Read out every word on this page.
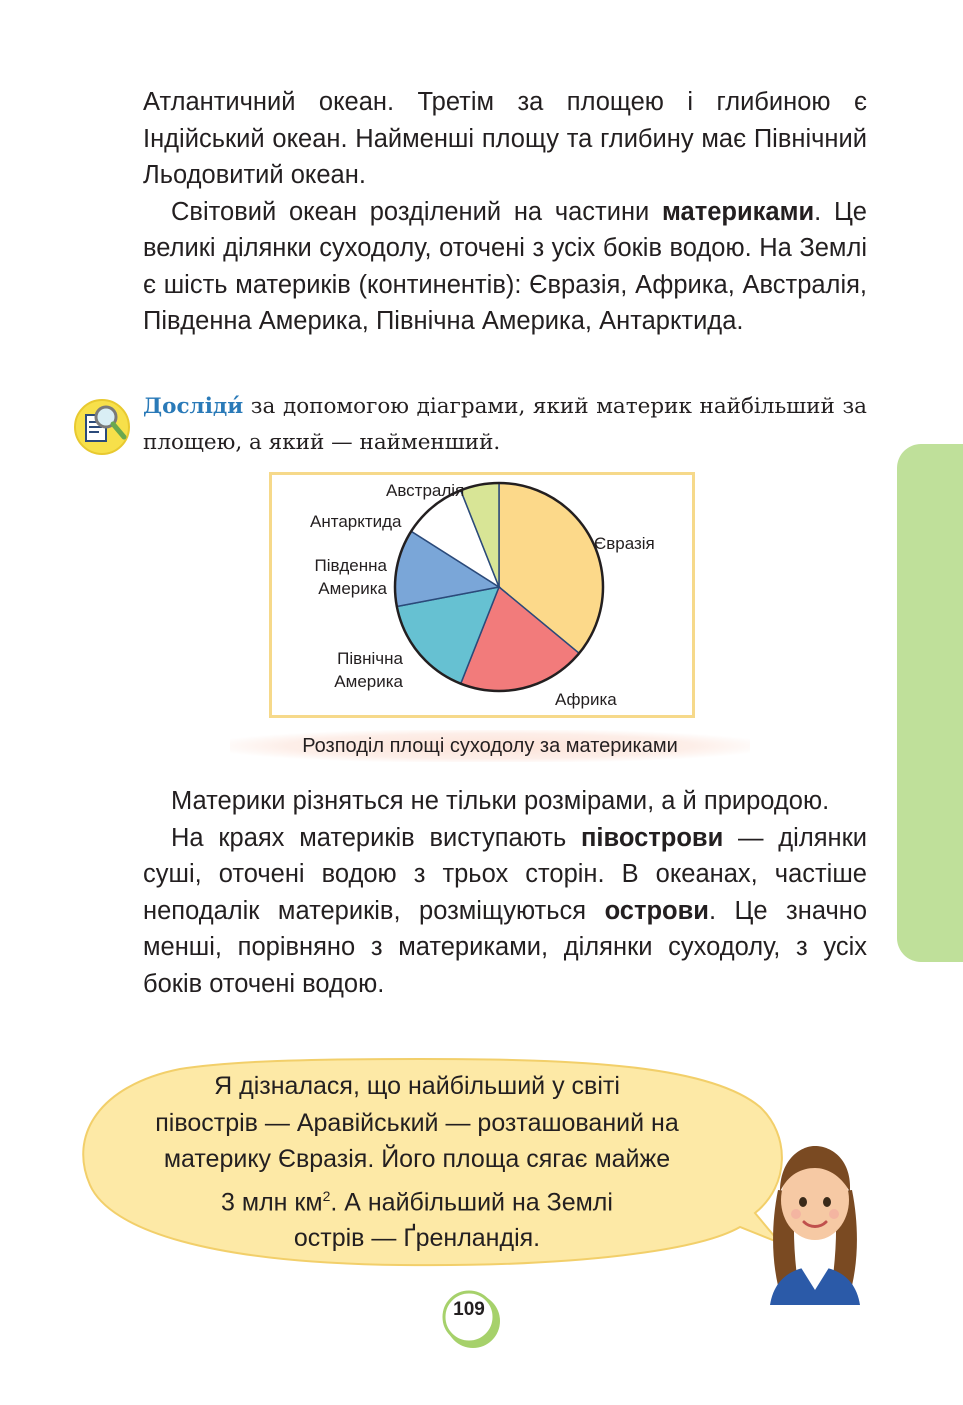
Атлантичний океан. Третім за площею і глибиною є Індійський океан. Найменші площу та глибину має Північний Льодовитий океан.

Світовий океан розділений на частини материками. Це великі ділянки суходолу, оточені з усіх боків водою. На Землі є шість материків (континентів): Євразія, Африка, Австралія, Південна Америка, Північна Америка, Антарктида.

Досліди́ за допомогою діаграми, який материк найбільший за площею, а який — найменший.
Євразія
Африка
Північна Америка
Південна Америка
Антарктида
Австралія
Розподіл площі суходолу за материками

Материки різняться не тільки розмірами, а й природою.

На краях материків виступають півострови — ділянки суші, оточені водою з трьох сторін. В океанах, частіше неподалік материків, розміщуються острови. Це значно менші, порівняно з материками, ділянки суходолу, з усіх боків оточені водою.

Я дізналася, що найбільший у світі

півострів — Аравійський — розташований на

материку Євразія. Його площа сягає майже

3 млн $км^2$. А найбільший на Землі

острів — Ґренландія.

109
